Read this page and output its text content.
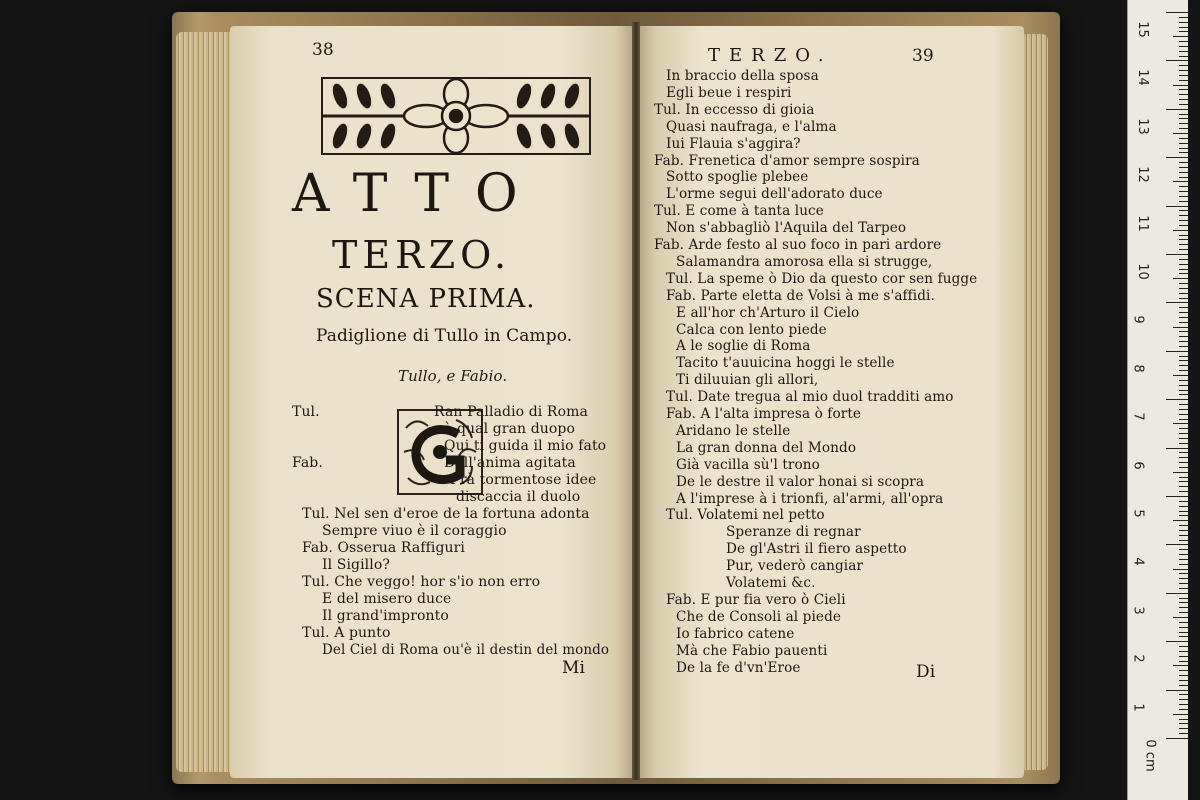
38
ATTO
TERZO.
SCENA PRIMA.
Padiglione di Tullo in Campo.
Tullo, e Fabio.
Tul.	Ran Palladio di Roma
à qual gran duopo
Qui ti guida il mio fato
Fab.	Dall'anima agitata
Frà tormentose idee
discaccia il duolo
Tul. Nel sen d'eroe de la fortuna adonta
Sempre viuo è il coraggio
Fab. Osserua Raffiguri
Il Sigillo?
Tul. Che veggo! hor s'io non erro
E del misero duce
Il grand'impronto
Tul. A punto
Del Ciel di Roma ou'è il destin del mondo
Mi
TERZO.	39
In braccio della sposa
Egli beue i respiri
Tul. In eccesso di gioia
Quasi naufraga, e l'alma
Iui Flauia s'aggira?
Fab. Frenetica d'amor sempre sospira
Sotto spoglie plebee
L'orme segui dell'adorato duce
Tul. E come à tanta luce
Non s'abbagliò l'Aquila del Tarpeo
Fab. Arde festo al suo foco in pari ardore
Salamandra amorosa ella si strugge,
Tul. La speme ò Dio da questo cor sen fugge
Fab. Parte eletta de Volsi à me s'affidi.
E all'hor ch'Arturo il Cielo
Calca con lento piede
A le soglie di Roma
Tacito t'auuicina hoggi le stelle
Ti diluuian gli allori,
Tul. Date tregua al mio duol tradditi amo
Fab. A l'alta impresa ò forte
Aridano le stelle
La gran donna del Mondo
Già vacilla sù'l trono
De le destre il valor honai si scopra
A l'imprese à i trionfi, al'armi, all'opra
Tul. Volatemi nel petto
Speranze di regnar
De gl'Astri il fiero aspetto
Pur, vederò cangiar
Volatemi &c.
Fab. E pur fia vero ò Cieli
Che de Consoli al piede
Io fabrico catene
Mà che Fabio pauenti
De la fe d'vn'Eroe	Di
15
14
13
12
11
10
9
8
7
6
5
4
3
2
1
0 cm
